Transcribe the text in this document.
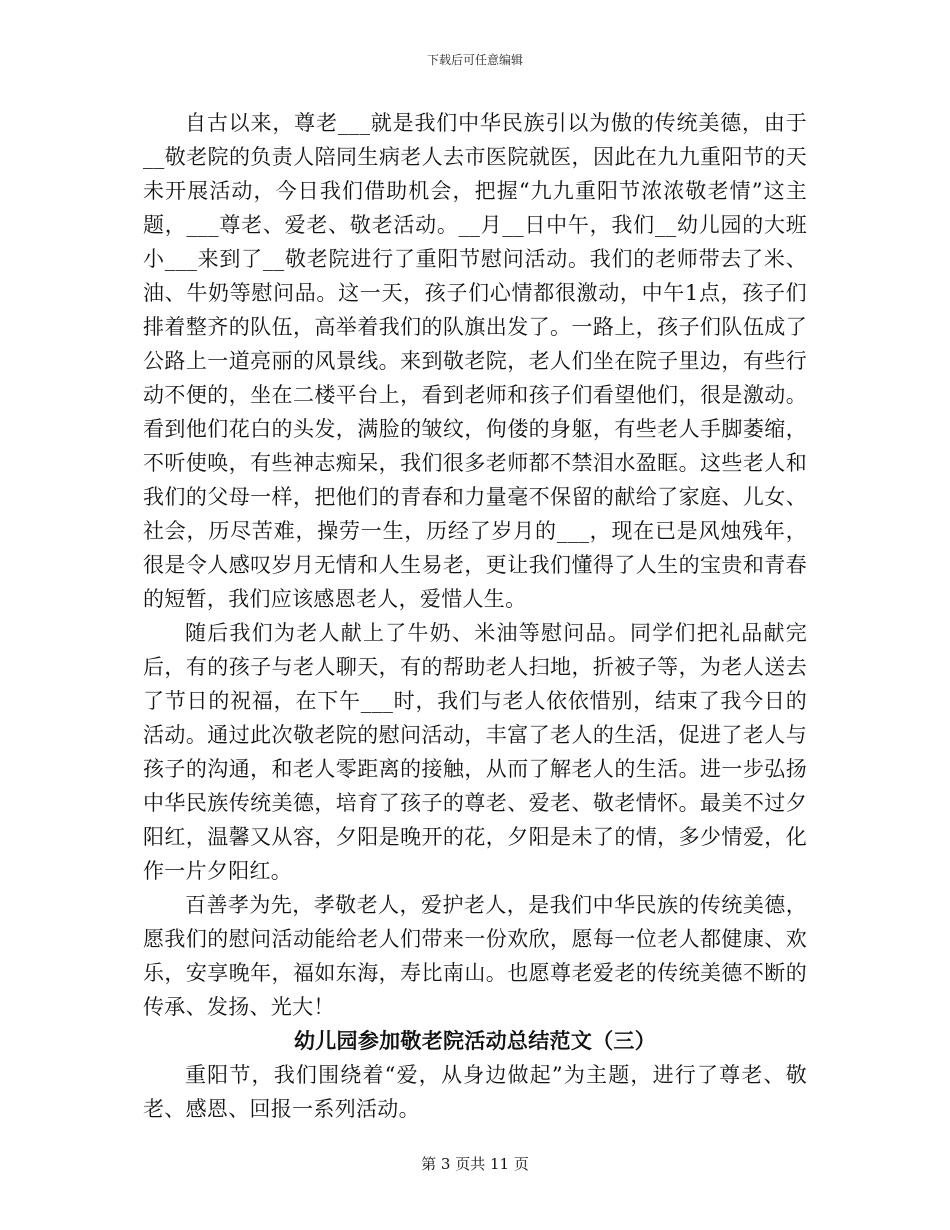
下载后可任意编辑

自古以来，尊老___就是我们中华民族引以为傲的传统美德，由于__敬老院的负责人陪同生病老人去市医院就医，因此在九九重阳节的天未开展活动，今日我们借助机会，把握“九九重阳节浓浓敬老情”这主题，___尊老、爱老、敬老活动。__月__日中午，我们__幼儿园的大班小___来到了__敬老院进行了重阳节慰问活动。我们的老师带去了米、油、牛奶等慰问品。这一天，孩子们心情都很激动，中午1点，孩子们排着整齐的队伍，高举着我们的队旗出发了。一路上，孩子们队伍成了公路上一道亮丽的风景线。来到敬老院，老人们坐在院子里边，有些行动不便的，坐在二楼平台上，看到老师和孩子们看望他们，很是激动。看到他们花白的头发，满脸的皱纹，佝偻的身躯，有些老人手脚萎缩，不听使唤，有些神志痴呆，我们很多老师都不禁泪水盈眶。这些老人和我们的父母一样，把他们的青春和力量毫不保留的献给了家庭、儿女、社会，历尽苦难，操劳一生，历经了岁月的___，现在已是风烛残年，很是令人感叹岁月无情和人生易老，更让我们懂得了人生的宝贵和青春的短暂，我们应该感恩老人，爱惜人生。

随后我们为老人献上了牛奶、米油等慰问品。同学们把礼品献完后，有的孩子与老人聊天，有的帮助老人扫地，折被子等，为老人送去了节日的祝福，在下午___时，我们与老人依依惜别，结束了我今日的活动。通过此次敬老院的慰问活动，丰富了老人的生活，促进了老人与孩子的沟通，和老人零距离的接触，从而了解老人的生活。进一步弘扬中华民族传统美德，培育了孩子的尊老、爱老、敬老情怀。最美不过夕阳红，温馨又从容，夕阳是晚开的花，夕阳是未了的情，多少情爱，化作一片夕阳红。

百善孝为先，孝敬老人，爱护老人，是我们中华民族的传统美德，愿我们的慰问活动能给老人们带来一份欢欣，愿每一位老人都健康、欢乐，安享晚年，福如东海，寿比南山。也愿尊老爱老的传统美德不断的传承、发扬、光大！

幼儿园参加敬老院活动总结范文（三）

重阳节，我们围绕着“爱，从身边做起”为主题，进行了尊老、敬老、感恩、回报一系列活动。

第 3 页共 11 页
